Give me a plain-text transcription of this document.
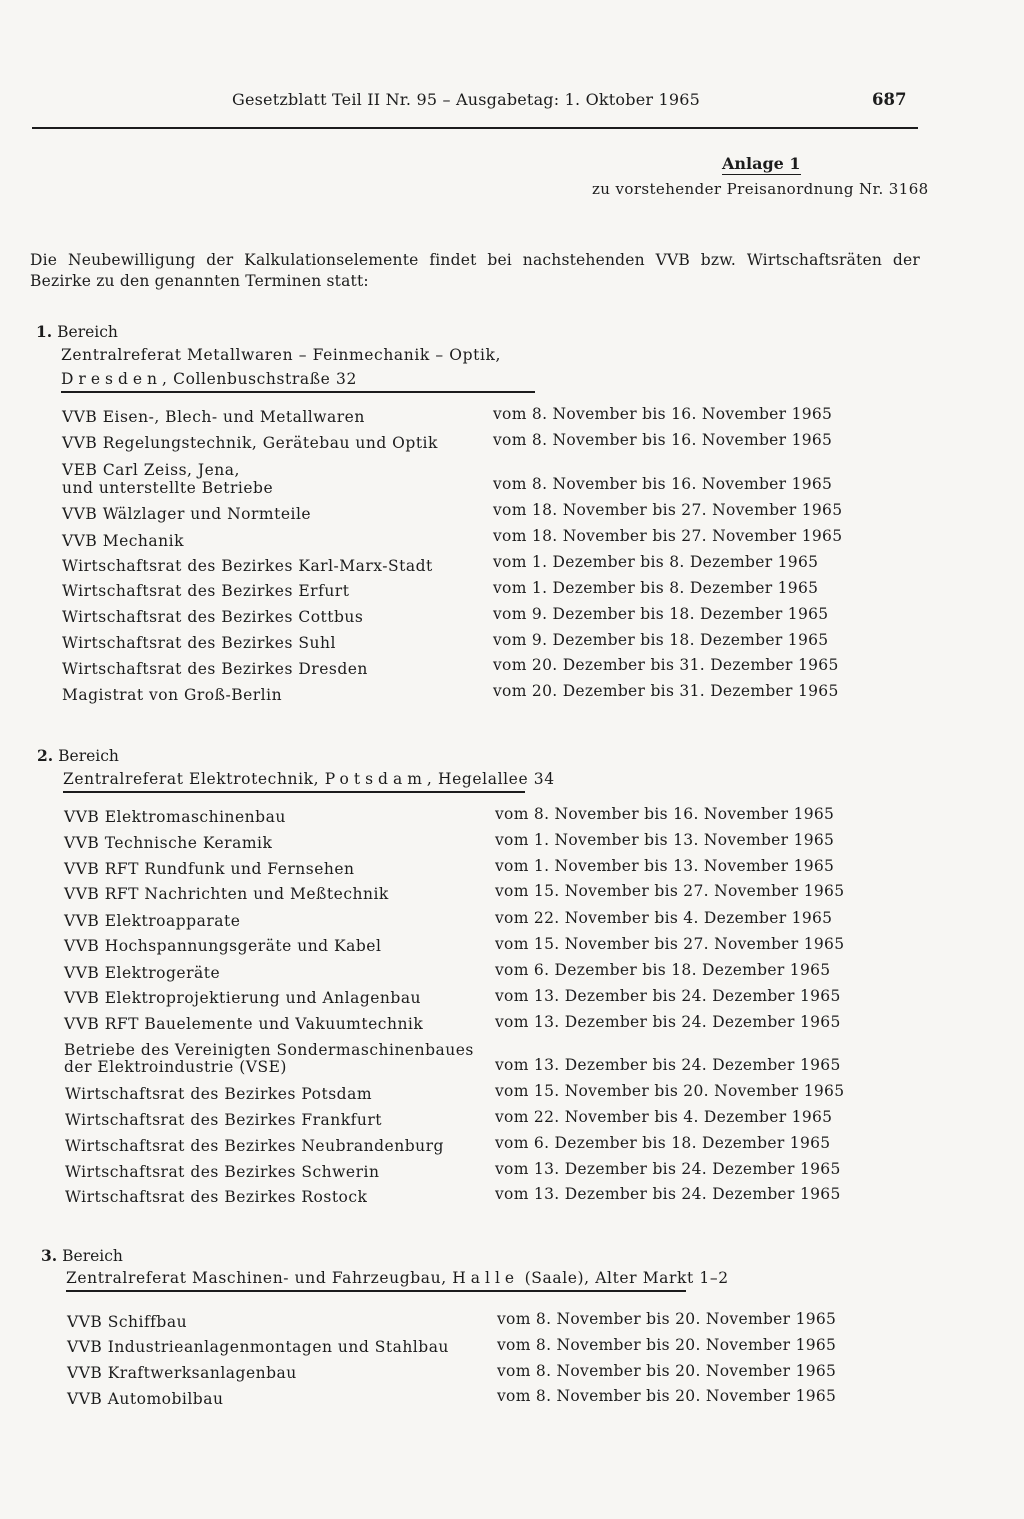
Gesetzblatt Teil II Nr. 95 – Ausgabetag: 1. Oktober 1965	687
Anlage 1
zu vorstehender Preisanordnung Nr. 3168
Die Neubewilligung der Kalkulationselemente findet bei nachstehenden VVB bzw. Wirtschaftsräten der Bezirke zu den genannten Terminen statt:
1. Bereich
Zentralreferat Metallwaren – Feinmechanik – Optik,
Dresden, Collenbuschstraße 32
VVB Eisen-, Blech- und Metallwaren	vom 8. November bis 16. November 1965
VVB Regelungstechnik, Gerätebau und Optik	vom 8. November bis 16. November 1965
VEB Carl Zeiss, Jena,
und unterstellte Betriebe	vom 8. November bis 16. November 1965
VVB Wälzlager und Normteile	vom 18. November bis 27. November 1965
VVB Mechanik	vom 18. November bis 27. November 1965
Wirtschaftsrat des Bezirkes Karl-Marx-Stadt	vom 1. Dezember bis 8. Dezember 1965
Wirtschaftsrat des Bezirkes Erfurt	vom 1. Dezember bis 8. Dezember 1965
Wirtschaftsrat des Bezirkes Cottbus	vom 9. Dezember bis 18. Dezember 1965
Wirtschaftsrat des Bezirkes Suhl	vom 9. Dezember bis 18. Dezember 1965
Wirtschaftsrat des Bezirkes Dresden	vom 20. Dezember bis 31. Dezember 1965
Magistrat von Groß-Berlin	vom 20. Dezember bis 31. Dezember 1965
2. Bereich
Zentralreferat Elektrotechnik, Potsdam, Hegelallee 34
VVB Elektromaschinenbau	vom 8. November bis 16. November 1965
VVB Technische Keramik	vom 1. November bis 13. November 1965
VVB RFT Rundfunk und Fernsehen	vom 1. November bis 13. November 1965
VVB RFT Nachrichten und Meßtechnik	vom 15. November bis 27. November 1965
VVB Elektroapparate	vom 22. November bis 4. Dezember 1965
VVB Hochspannungsgeräte und Kabel	vom 15. November bis 27. November 1965
VVB Elektrogeräte	vom 6. Dezember bis 18. Dezember 1965
VVB Elektroprojektierung und Anlagenbau	vom 13. Dezember bis 24. Dezember 1965
VVB RFT Bauelemente und Vakuumtechnik	vom 13. Dezember bis 24. Dezember 1965
Betriebe des Vereinigten Sondermaschinenbaues
der Elektroindustrie (VSE)	vom 13. Dezember bis 24. Dezember 1965
Wirtschaftsrat des Bezirkes Potsdam	vom 15. November bis 20. November 1965
Wirtschaftsrat des Bezirkes Frankfurt	vom 22. November bis 4. Dezember 1965
Wirtschaftsrat des Bezirkes Neubrandenburg	vom 6. Dezember bis 18. Dezember 1965
Wirtschaftsrat des Bezirkes Schwerin	vom 13. Dezember bis 24. Dezember 1965
Wirtschaftsrat des Bezirkes Rostock	vom 13. Dezember bis 24. Dezember 1965
3. Bereich
Zentralreferat Maschinen- und Fahrzeugbau, Halle (Saale), Alter Markt 1–2
VVB Schiffbau	vom 8. November bis 20. November 1965
VVB Industrieanlagenmontagen und Stahlbau	vom 8. November bis 20. November 1965
VVB Kraftwerksanlagenbau	vom 8. November bis 20. November 1965
VVB Automobilbau	vom 8. November bis 20. November 1965
